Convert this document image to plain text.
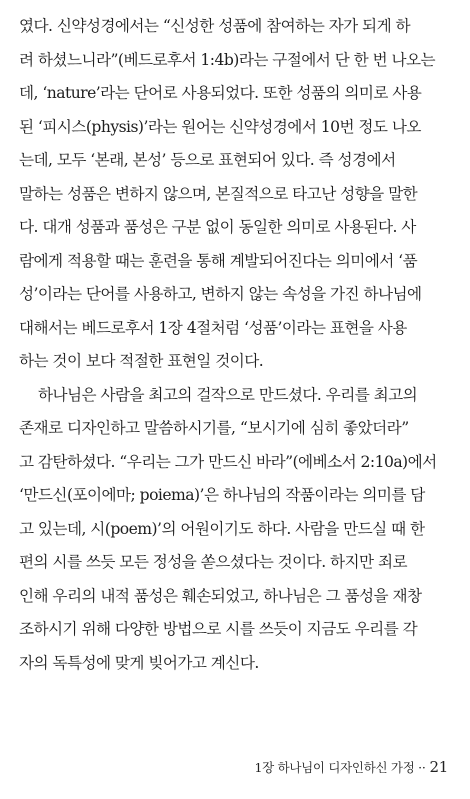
였다. 신약성경에서는 “신성한 성품에 참여하는 자가 되게 하
려 하셨느니라”(베드로후서 1:4b)라는 구절에서 단 한 번 나오는
데, ‘nature’라는 단어로 사용되었다. 또한 성품의 의미로 사용
된 ‘피시스(physis)’라는 원어는 신약성경에서 10번 정도 나오
는데, 모두 ‘본래, 본성’ 등으로 표현되어 있다. 즉 성경에서
말하는 성품은 변하지 않으며, 본질적으로 타고난 성향을 말한
다. 대개 성품과 품성은 구분 없이 동일한 의미로 사용된다. 사
람에게 적용할 때는 훈련을 통해 계발되어진다는 의미에서 ‘품
성’이라는 단어를 사용하고, 변하지 않는 속성을 가진 하나님에
대해서는 베드로후서 1장 4절처럼 ‘성품’이라는 표현을 사용
하는 것이 보다 적절한 표현일 것이다.
하나님은 사람을 최고의 걸작으로 만드셨다. 우리를 최고의
존재로 디자인하고 말씀하시기를, “보시기에 심히 좋았더라”
고 감탄하셨다. “우리는 그가 만드신 바라”(에베소서 2:10a)에서
‘만드신(포이에마; poiema)’은 하나님의 작품이라는 의미를 담
고 있는데, 시(poem)’의 어원이기도 하다. 사람을 만드실 때 한
편의 시를 쓰듯 모든 정성을 쏟으셨다는 것이다. 하지만 죄로
인해 우리의 내적 품성은 훼손되었고, 하나님은 그 품성을 재창
조하시기 위해 다양한 방법으로 시를 쓰듯이 지금도 우리를 각
자의 독특성에 맞게 빚어가고 계신다.
1장 하나님이 디자인하신 가정 ·· 21
